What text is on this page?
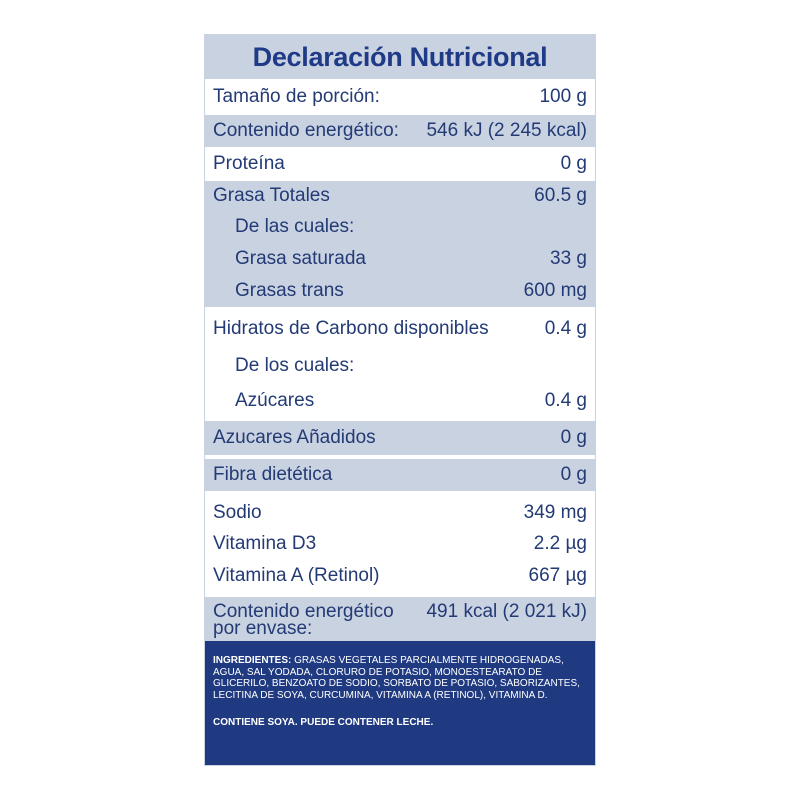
Declaración Nutricional
Tamaño de porción:	100 g
Contenido energético: 546 kJ (2 245 kcal)
Proteína	0 g
Grasa Totales	60.5 g
De las cuales:
Grasa saturada	33 g
Grasas trans	600 mg
Hidratos de Carbono disponibles	0.4 g
De los cuales:
Azúcares	0.4 g
Azucares Añadidos	0 g
Fibra dietética	0 g
Sodio	349 mg
Vitamina D3	2.2 µg
Vitamina A (Retinol)	667 µg
Contenido energético por envase:
491 kcal (2 021 kJ)
INGREDIENTES: GRASAS VEGETALES PARCIALMENTE HIDROGENADAS, AGUA, SAL YODADA, CLORURO DE POTASIO, MONOESTEARATO DE GLICERILO, BENZOATO DE SODIO, SORBATO DE POTASIO, SABORIZANTES, LECITINA DE SOYA, CURCUMINA, VITAMINA A (RETINOL), VITAMINA D.
CONTIENE SOYA. PUEDE CONTENER LECHE.
